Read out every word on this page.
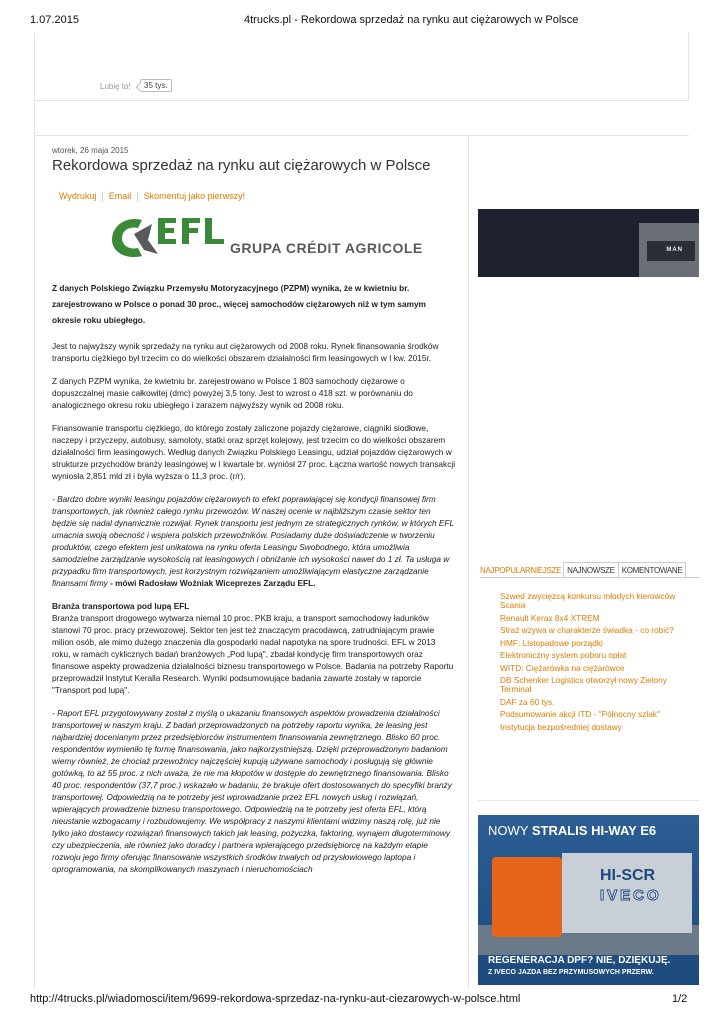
1.07.2015	4trucks.pl - Rekordowa sprzedaż na rynku aut ciężarowych w Polsce
Lubię to!	35 tys.
wtorek, 26 maja 2015
Rekordowa sprzedaż na rynku aut ciężarowych w Polsce
Wydrukuj | Email | Skomentuj jako pierwszy!
GRUPA CRÉDIT AGRICOLE

Z danych Polskiego Związku Przemysłu Motoryzacyjnego (PZPM) wynika, że w kwietniu br. zarejestrowano w Polsce o ponad 30 proc., więcej samochodów ciężarowych niż w tym samym okresie roku ubiegłego.

Jest to najwyższy wynik sprzedaży na rynku aut ciężarowych od 2008 roku. Rynek finansowania środków transportu ciężkiego był trzecim co do wielkości obszarem działalności firm leasingowych w I kw. 2015r.

Z danych PZPM wynika, że kwietniu br. zarejestrowano w Polsce 1 803 samochody ciężarowe o dopuszczalnej masie całkowitej (dmc) powyżej 3,5 tony. Jest to wzrost o 418 szt. w porównaniu do analogicznego okresu roku ubiegłego i zarazem najwyższy wynik od 2008 roku.

Finansowanie transportu ciężkiego, do którego zostały zaliczone pojazdy ciężarowe, ciągniki siodłowe, naczepy i przyczepy, autobusy, samoloty, statki oraz sprzęt kolejowy, jest trzecim co do wielkości obszarem działalności firm leasingowych. Według danych Związku Polskiego Leasingu, udział pojazdów ciężarowych w strukturze przychodów branży leasingowej w I kwartale br. wyniósł 27 proc. Łączna wartość nowych transakcji wyniosła 2,851 mld zł i była wyższa o 11,3 proc. (r/r).

- Bardzo dobre wyniki leasingu pojazdów ciężarowych to efekt poprawiającej się kondycji finansowej firm transportowych, jak również całego rynku przewozów. W naszej ocenie w najbliższym czasie sektor ten będzie się nadal dynamicznie rozwijał. Rynek transportu jest jednym ze strategicznych rynków, w których EFL umacnia swoją obecność i wspiera polskich przewoźników. Posiadamy duże doświadczenie w tworzeniu produktów, czego efektem jest unikatowa na rynku oferta Leasingu Swobodnego, która umożliwia samodzielne zarządzanie wysokością rat leasingowych i obniżanie ich wysokości nawet do 1 zł. Ta usługa w przypadku firm transportowych, jest korzystnym rozwiązaniem umożliwiającym elastyczne zarządzanie finansami firmy - mówi Radosław Woźniak Wiceprezes Zarządu EFL.

Branża transportowa pod lupą EFL

Branża transport drogowego wytwarza niemal 10 proc. PKB kraju, a transport samochodowy ładunków stanowi 70 proc. pracy przewozowej. Sektor ten jest też znaczącym pracodawcą, zatrudniającym prawie milion osób, ale mimo dużego znaczenia dla gospodarki nadal napotyka na spore trudności. EFL w 2013 roku, w ramach cyklicznych badań branżowych „Pod lupą", zbadał kondycję firm transportowych oraz finansowe aspekty prowadzenia działalności biznesu transportowego w Polsce. Badania na potrzeby Raportu przeprowadził Instytut Keralla Research. Wyniki podsumowujące badania zawarte zostały w raporcie "Transport pod lupą".

- Raport EFL przygotowywany został z myślą o ukazaniu finansowych aspektów prowadzenia działalności transportowej w naszym kraju. Z badań przeprowadzonych na potrzeby raportu wynika, że leasing jest najbardziej docenianym przez przedsiębiorców instrumentem finansowania zewnętrznego. Blisko 60 proc. respondentów wymieniło tę formę finansowania, jako najkorzystniejszą. Dzięki przeprowadzonym badaniom wiemy również, że chociaż przewoźnicy najczęściej kupują używane samochody i posługują się głównie gotówką, to aż 55 proc. z nich uważa, że nie ma kłopotów w dostępie do zewnętrznego finansowania. Blisko 40 proc. respondentów (37,7 proc.) wskazało w badaniu, że brakuje ofert dostosowanych do specyfiki branży transportowej. Odpowiedzią na te potrzeby jest wprowadzanie przez EFL nowych usług i rozwiązań, wpierających prowadzenie biznesu transportowego. Odpowiedzią na te potrzeby jest oferta EFL, którą nieustanie wzbogacamy i rozbudowujemy. We współpracy z naszymi klientami widzimy naszą rolę, już nie tylko jako dostawcy rozwiązań finansowych takich jak leasing, pożyczka, faktoring, wynajem długoterminowy czy ubezpieczenia, ale również jako doradcy i partnera wpierającego przedsiębiorcę na każdym etapie rozwoju jego firmy oferując finansowanie wszystkich środków trwałych od przysłowiowego laptopa i oprogramowania, na skomplikowanych maszynach i nieruchomościach

MAN
NAJPOPULARNIEJSZE NAJNOWSZE KOMENTOWANE
Szwed zwycięzcą konkursu młodych kierowców Scania
Renault Kerax 8x4 XTREM
Straż wzywa w charakterze świadka - co robić?
HMF: Listopadowe porządki
Elektroniczny system poboru opłat
WITD: Ciężarówka na ciężarówce
DB Schenker Logistics otworzył nowy Zielony Terminal
DAF za 60 tys.
Podsumowanie akcji ITD - "Północny szlak"
Instytucja bezpośredniej dostawy
NOWY STRALIS HI-WAY E6
HI-SCR
IVECO
REGENERACJA DPF? NIE, DZIĘKUJĘ.
Z IVECO JAZDA BEZ PRZYMUSOWYCH PRZERW.
http://4trucks.pl/wiadomosci/item/9699-rekordowa-sprzedaz-na-rynku-aut-ciezarowych-w-polsce.html	1/2
